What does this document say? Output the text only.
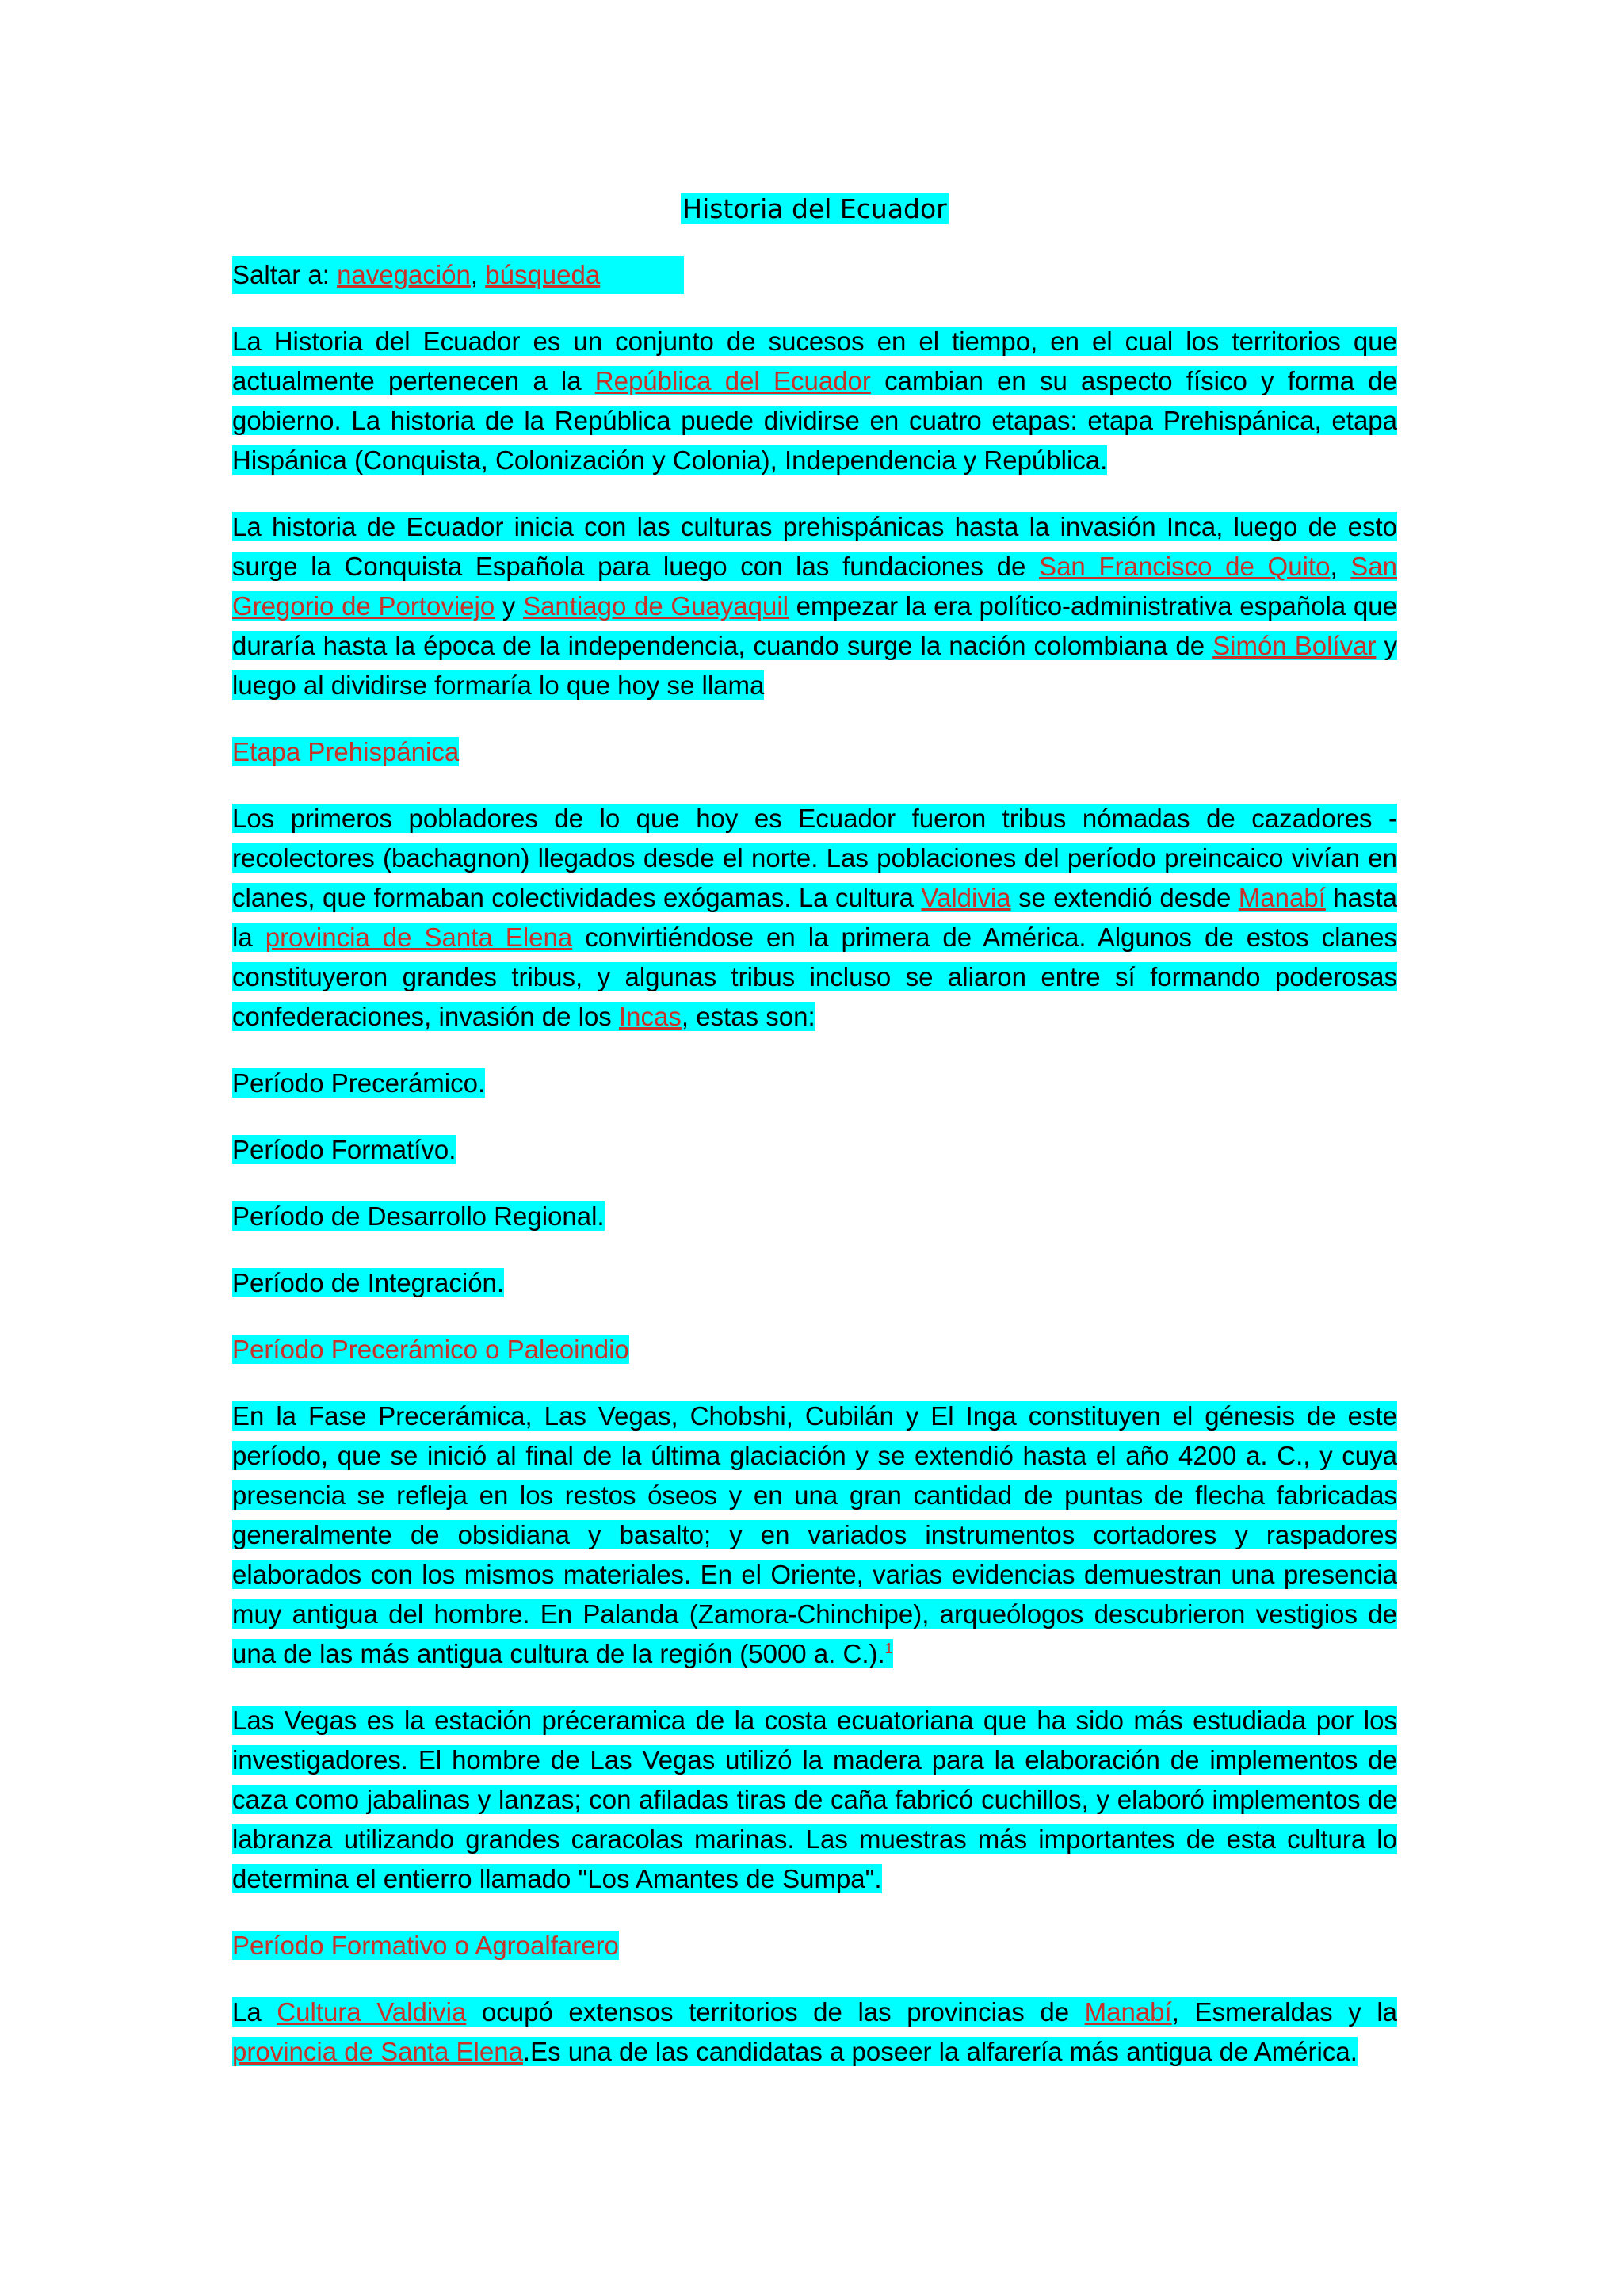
Historia del Ecuador
Saltar a: navegación, búsqueda

La Historia del Ecuador es un conjunto de sucesos en el tiempo, en el cual los territorios que actualmente pertenecen a la República del Ecuador cambian en su aspecto físico y forma de gobierno. La historia de la República puede dividirse en cuatro etapas: etapa Prehispánica, etapa Hispánica (Conquista, Colonización y Colonia), Independencia y República.

La historia de Ecuador inicia con las culturas prehispánicas hasta la invasión Inca, luego de esto surge la Conquista Española para luego con las fundaciones de San Francisco de Quito, San Gregorio de Portoviejo y Santiago de Guayaquil empezar la era político-administrativa española que duraría hasta la época de la independencia, cuando surge la nación colombiana de Simón Bolívar y luego al dividirse formaría lo que hoy se llama

Etapa Prehispánica

Los primeros pobladores de lo que hoy es Ecuador fueron tribus nómadas de cazadores - recolectores (bachagnon) llegados desde el norte. Las poblaciones del período preincaico vivían en clanes, que formaban colectividades exógamas. La cultura Valdivia se extendió desde Manabí hasta la provincia de Santa Elena convirtiéndose en la primera de América. Algunos de estos clanes constituyeron grandes tribus, y algunas tribus incluso se aliaron entre sí formando poderosas confederaciones, invasión de los Incas, estas son:

Período Precerámico.

Período Formatívo.

Período de Desarrollo Regional.

Período de Integración.

Período Precerámico o Paleoindio

En la Fase Precerámica, Las Vegas, Chobshi, Cubilán y El Inga constituyen el génesis de este período, que se inició al final de la última glaciación y se extendió hasta el año 4200 a. C., y cuya presencia se refleja en los restos óseos y en una gran cantidad de puntas de flecha fabricadas generalmente de obsidiana y basalto; y en variados instrumentos cortadores y raspadores elaborados con los mismos materiales. En el Oriente, varias evidencias demuestran una presencia muy antigua del hombre. En Palanda (Zamora-Chinchipe), arqueólogos descubrieron vestigios de una de las más antigua cultura de la región (5000 a. C.).$^1$

Las Vegas es la estación préceramica de la costa ecuatoriana que ha sido más estudiada por los investigadores. El hombre de Las Vegas utilizó la madera para la elaboración de implementos de caza como jabalinas y lanzas; con afiladas tiras de caña fabricó cuchillos, y elaboró implementos de labranza utilizando grandes caracolas marinas. Las muestras más importantes de esta cultura lo determina el entierro llamado "Los Amantes de Sumpa".

Período Formativo o Agroalfarero

La Cultura Valdivia ocupó extensos territorios de las provincias de Manabí, Esmeraldas y la provincia de Santa Elena.Es una de las candidatas a poseer la alfarería más antigua de América.
